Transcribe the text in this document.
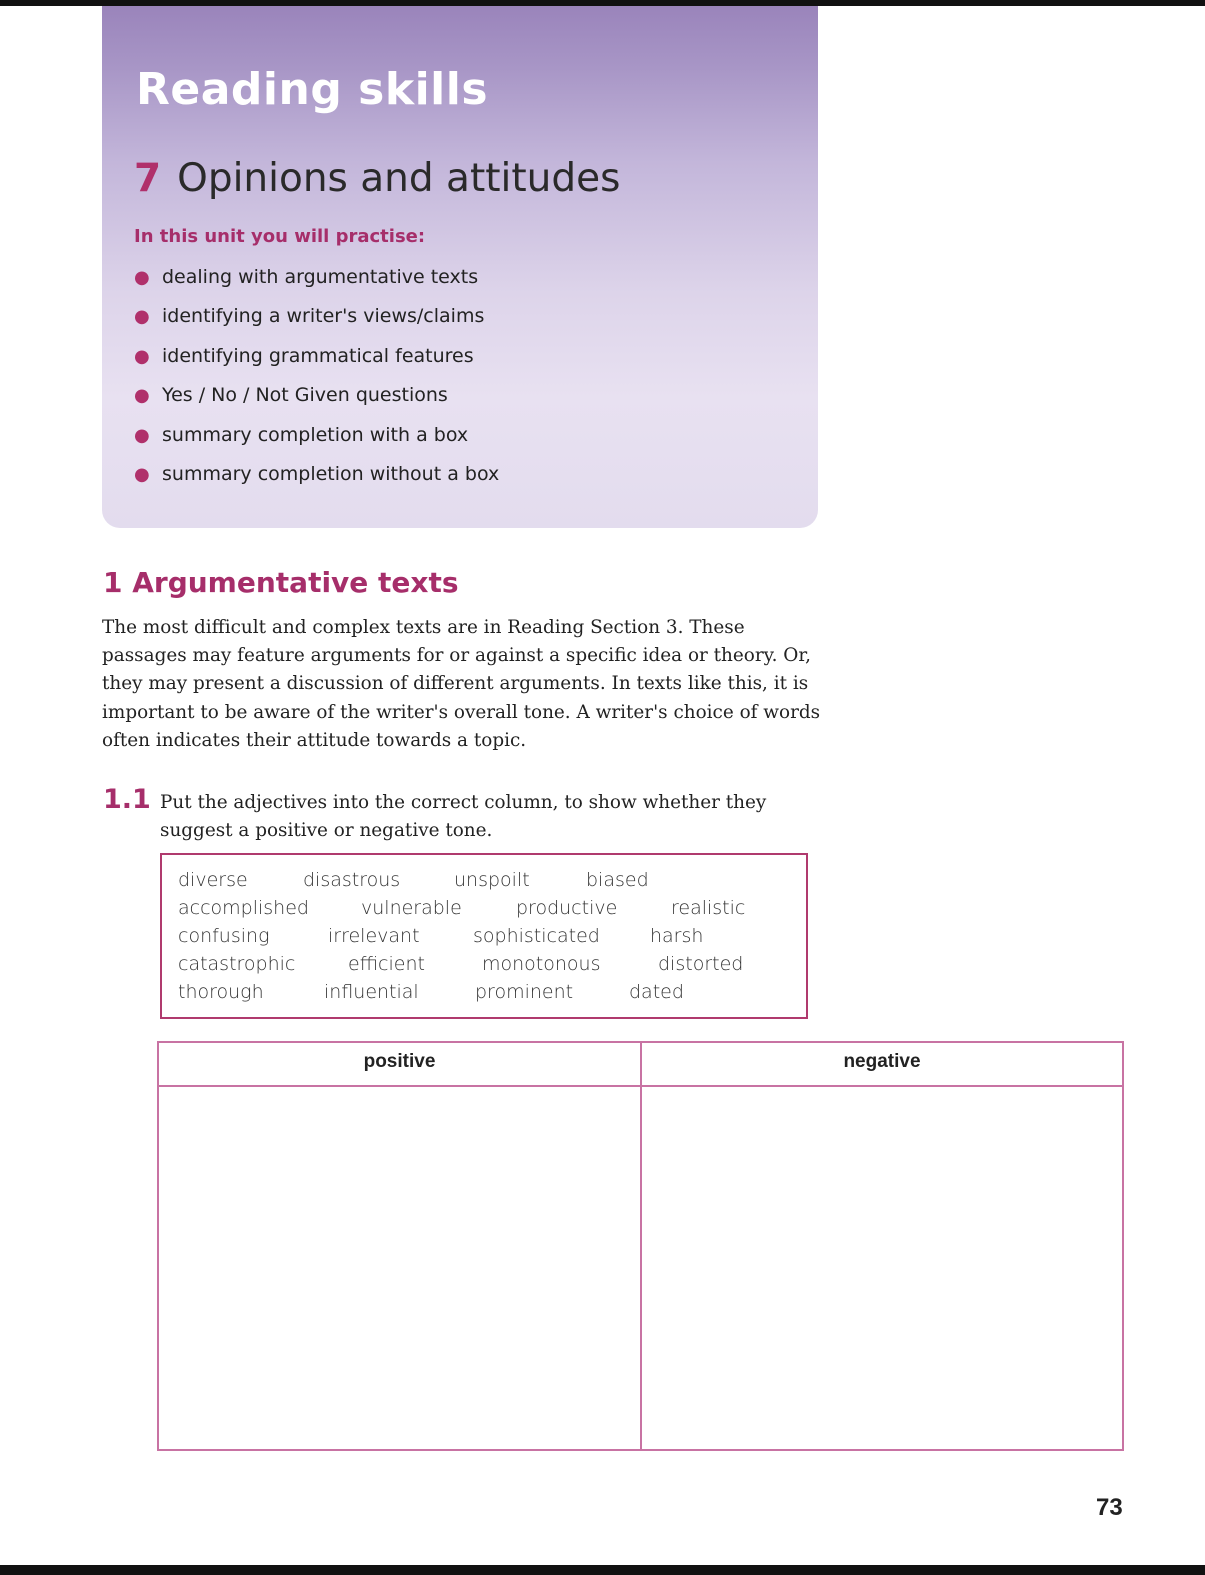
Reading skills
7 Opinions and attitudes
In this unit you will practise:
● dealing with argumentative texts
● identifying a writer's views/claims
● identifying grammatical features
● Yes / No / Not Given questions
● summary completion with a box
● summary completion without a box
1 Argumentative texts

The most difficult and complex texts are in Reading Section 3. These passages may feature arguments for or against a specific idea or theory. Or, they may present a discussion of different arguments. In texts like this, it is important to be aware of the writer's overall tone. A writer's choice of words often indicates their attitude towards a topic.

1.1 Put the adjectives into the correct column, to show whether they suggest a positive or negative tone.

diverse	disastrous	unspoilt	biased
accomplished	vulnerable	productive	realistic
confusing	irrelevant	sophisticated	harsh
catastrophic	efficient	monotonous	distorted
thorough	influential	prominent	dated
positive	negative
73
